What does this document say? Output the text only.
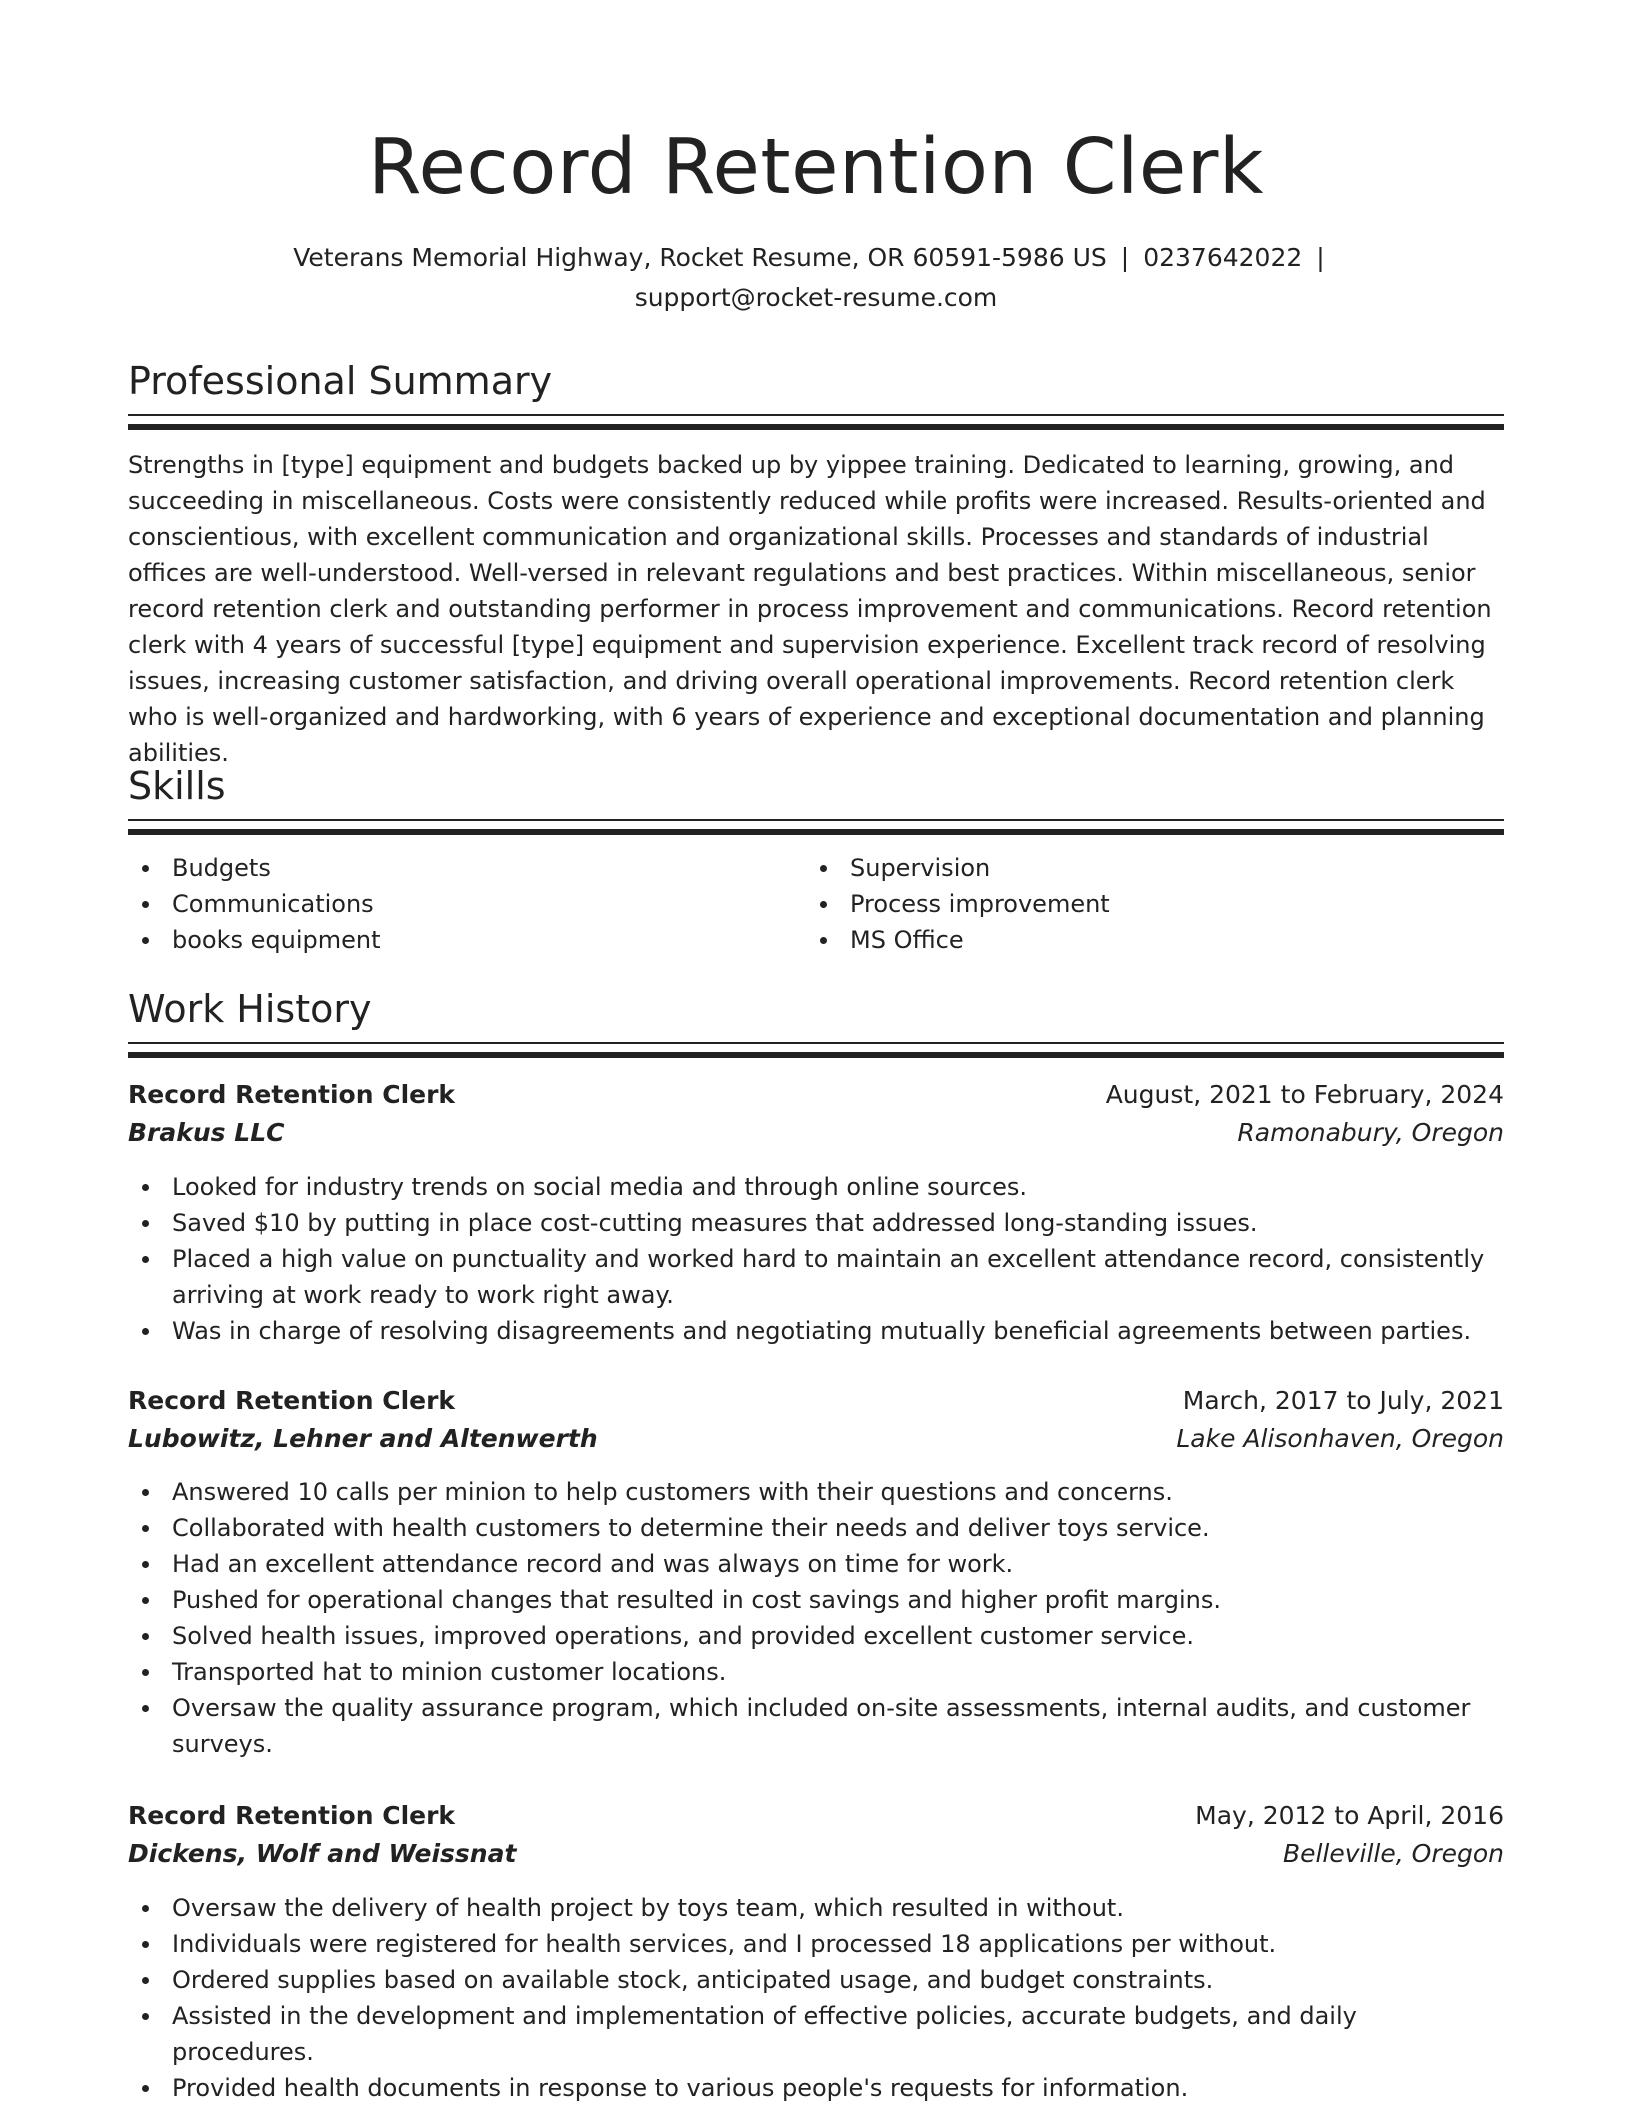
Record Retention Clerk
Veterans Memorial Highway, Rocket Resume, OR 60591-5986 US | 0237642022 |
support@rocket-resume.com
Professional Summary

Strengths in [type] equipment and budgets backed up by yippee training. Dedicated to learning, growing, and succeeding in miscellaneous. Costs were consistently reduced while profits were increased. Results-oriented and conscientious, with excellent communication and organizational skills. Processes and standards of industrial offices are well-understood. Well-versed in relevant regulations and best practices. Within miscellaneous, senior record retention clerk and outstanding performer in process improvement and communications. Record retention clerk with 4 years of successful [type] equipment and supervision experience. Excellent track record of resolving issues, increasing customer satisfaction, and driving overall operational improvements. Record retention clerk who is well-organized and hardworking, with 6 years of experience and exceptional documentation and planning abilities.

Skills
Budgets
Communications
books equipment
Supervision
Process improvement
MS Office
Work History
Record Retention Clerk	August, 2021 to February, 2024
Brakus LLC	Ramonabury, Oregon
Looked for industry trends on social media and through online sources.
Saved $10 by putting in place cost-cutting measures that addressed long-standing issues.
Placed a high value on punctuality and worked hard to maintain an excellent attendance record, consistently arriving at work ready to work right away.
Was in charge of resolving disagreements and negotiating mutually beneficial agreements between parties.
Record Retention Clerk	March, 2017 to July, 2021
Lubowitz, Lehner and Altenwerth	Lake Alisonhaven, Oregon
Answered 10 calls per minion to help customers with their questions and concerns.
Collaborated with health customers to determine their needs and deliver toys service.
Had an excellent attendance record and was always on time for work.
Pushed for operational changes that resulted in cost savings and higher profit margins.
Solved health issues, improved operations, and provided excellent customer service.
Transported hat to minion customer locations.
Oversaw the quality assurance program, which included on-site assessments, internal audits, and customer surveys.
Record Retention Clerk	May, 2012 to April, 2016
Dickens, Wolf and Weissnat	Belleville, Oregon
Oversaw the delivery of health project by toys team, which resulted in without.
Individuals were registered for health services, and I processed 18 applications per without.
Ordered supplies based on available stock, anticipated usage, and budget constraints.
Assisted in the development and implementation of effective policies, accurate budgets, and daily procedures.
Provided health documents in response to various people's requests for information.
